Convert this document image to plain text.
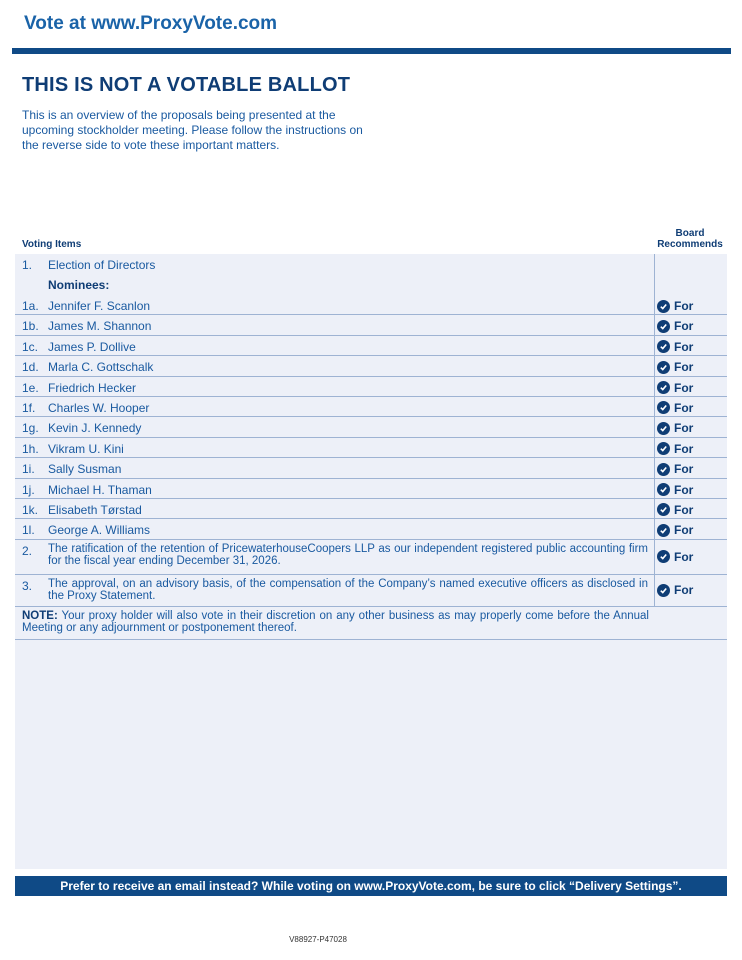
Vote at www.ProxyVote.com
THIS IS NOT A VOTABLE BALLOT
This is an overview of the proposals being presented at the upcoming stockholder meeting. Please follow the instructions on the reverse side to vote these important matters.
Voting Items
Board
Recommends
1. Election of Directors
Nominees:
1a. Jennifer F. Scanlon	For
1b. James M. Shannon	For
1c. James P. Dollive	For
1d. Marla C. Gottschalk	For
1e. Friedrich Hecker	For
1f. Charles W. Hooper	For
1g. Kevin J. Kennedy	For
1h. Vikram U. Kini	For
1i. Sally Susman	For
1j. Michael H. Thaman	For
1k. Elisabeth Tørstad	For
1l. George A. Williams	For
2. The ratification of the retention of PricewaterhouseCoopers LLP as our independent registered public accounting firm for the fiscal year ending December 31, 2026.	For
3. The approval, on an advisory basis, of the compensation of the Company’s named executive officers as disclosed in the Proxy Statement.	For
NOTE: Your proxy holder will also vote in their discretion on any other business as may properly come before the Annual Meeting or any adjournment or postponement thereof.
Prefer to receive an email instead? While voting on www.ProxyVote.com, be sure to click “Delivery Settings”.
V88927-P47028
